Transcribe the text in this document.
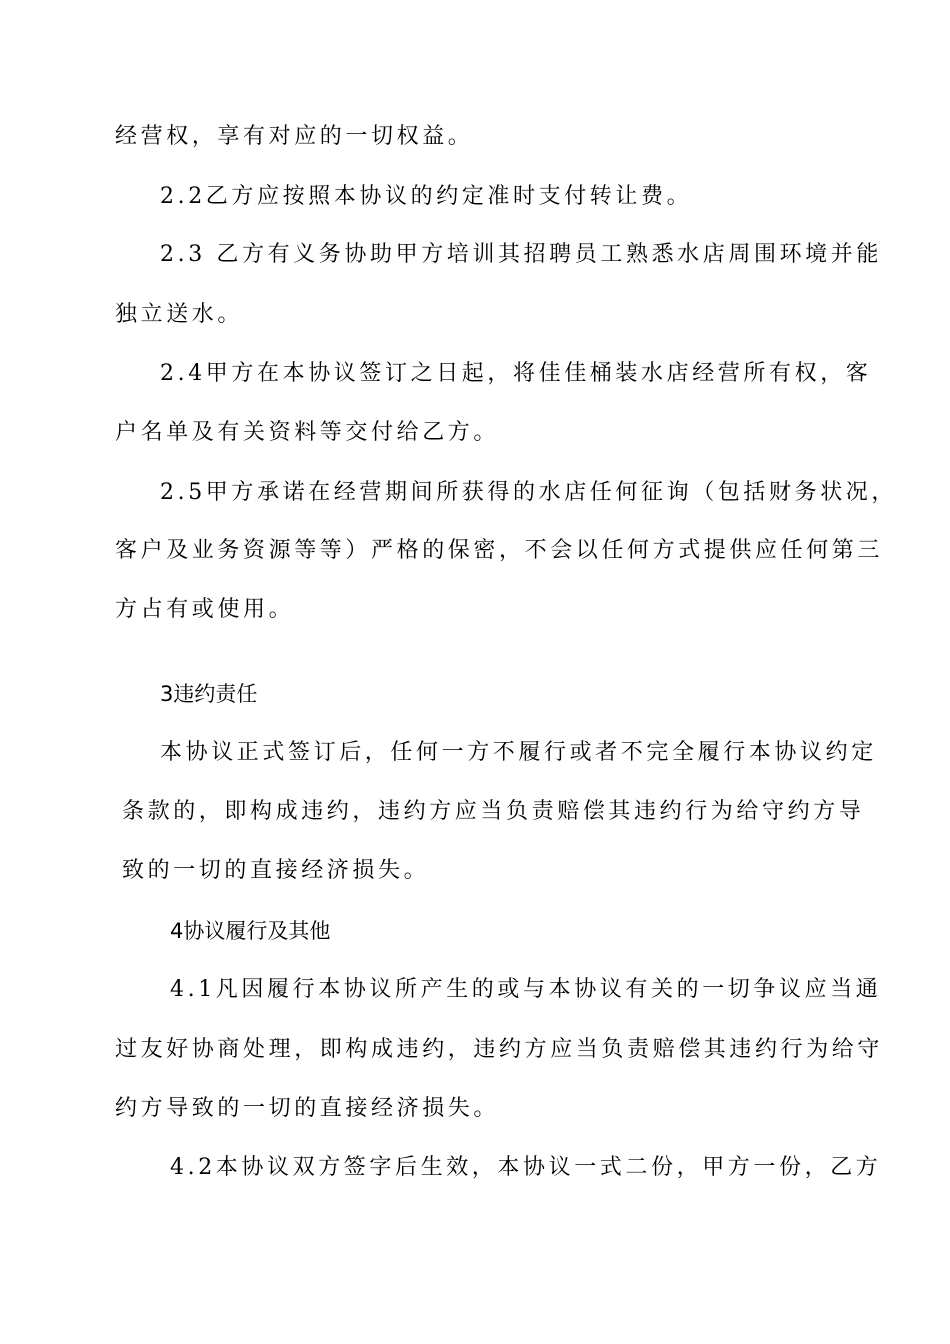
经营权，享有对应的一切权益。
2.2乙方应按照本协议的约定准时支付转让费。
2.3 乙方有义务协助甲方培训其招聘员工熟悉水店周围环境并能
独立送水。
2.4甲方在本协议签订之日起，将佳佳桶装水店经营所有权，客
户名单及有关资料等交付给乙方。
2.5甲方承诺在经营期间所获得的水店任何征询（包括财务状况，
客户及业务资源等等）严格的保密，不会以任何方式提供应任何第三
方占有或使用。
3违约责任
本协议正式签订后，任何一方不履行或者不完全履行本协议约定
条款的，即构成违约，违约方应当负责赔偿其违约行为给守约方导
致的一切的直接经济损失。
4协议履行及其他
4.1凡因履行本协议所产生的或与本协议有关的一切争议应当通
过友好协商处理，即构成违约，违约方应当负责赔偿其违约行为给守
约方导致的一切的直接经济损失。
4.2本协议双方签字后生效，本协议一式二份，甲方一份，乙方
